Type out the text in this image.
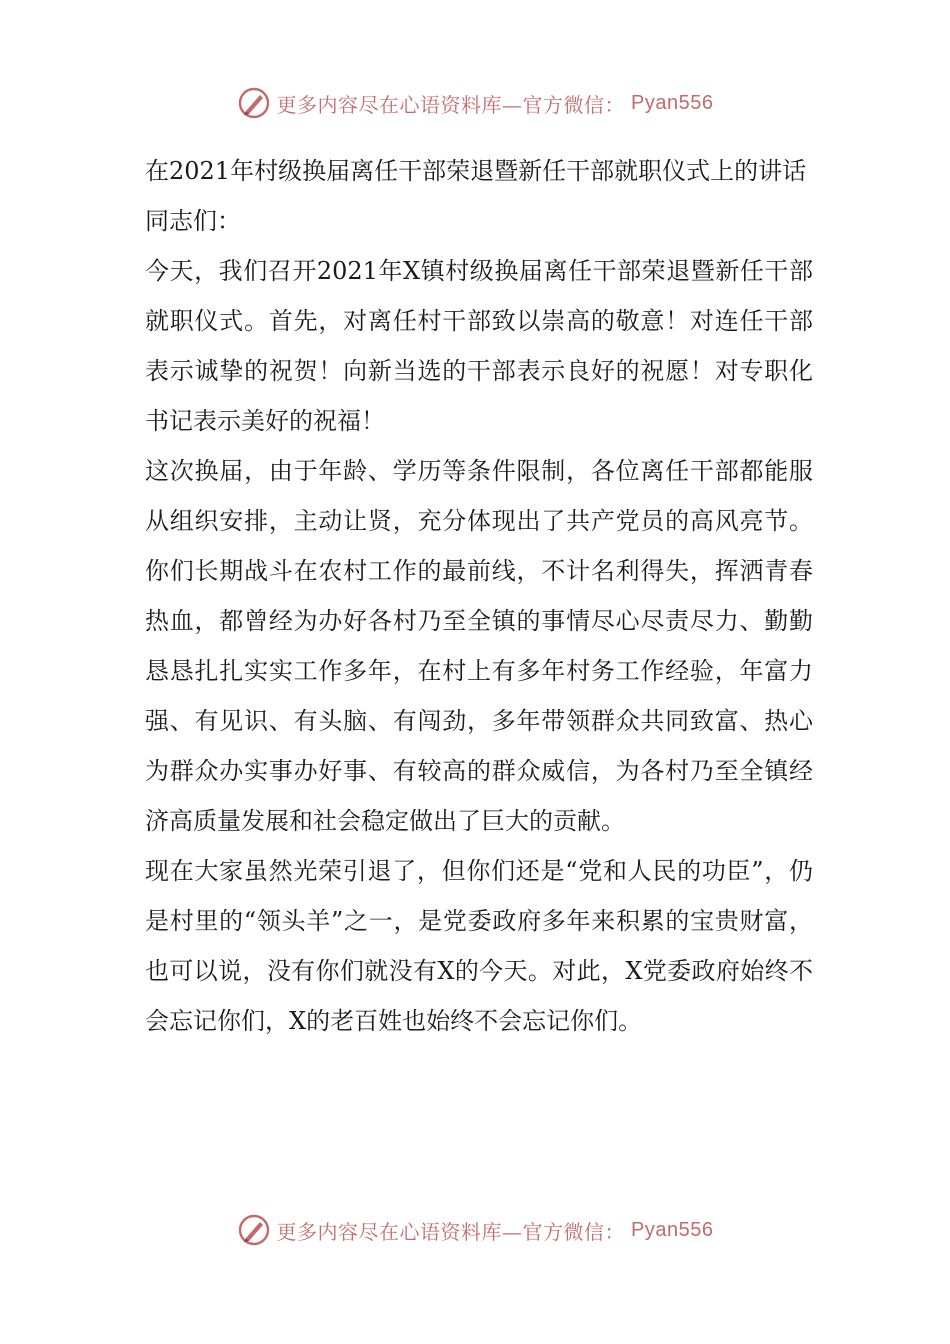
更多内容尽在心语资料库—官方微信： Pyan556

在2021年村级换届离任干部荣退暨新任干部就职仪式上的讲话

同志们：

今天，我们召开2021年X镇村级换届离任干部荣退暨新任干部就职仪式。首先，对离任村干部致以崇高的敬意！对连任干部表示诚挚的祝贺！向新当选的干部表示良好的祝愿！对专职化书记表示美好的祝福！

这次换届，由于年龄、学历等条件限制，各位离任干部都能服从组织安排，主动让贤，充分体现出了共产党员的高风亮节。你们长期战斗在农村工作的最前线，不计名利得失，挥洒青春热血，都曾经为办好各村乃至全镇的事情尽心尽责尽力、勤勤恳恳扎扎实实工作多年，在村上有多年村务工作经验，年富力强、有见识、有头脑、有闯劲，多年带领群众共同致富、热心为群众办实事办好事、有较高的群众威信，为各村乃至全镇经济高质量发展和社会稳定做出了巨大的贡献。

现在大家虽然光荣引退了，但你们还是“党和人民的功臣”，仍是村里的“领头羊”之一，是党委政府多年来积累的宝贵财富，也可以说，没有你们就没有X的今天。对此，X党委政府始终不会忘记你们，X的老百姓也始终不会忘记你们。

更多内容尽在心语资料库—官方微信： Pyan556
